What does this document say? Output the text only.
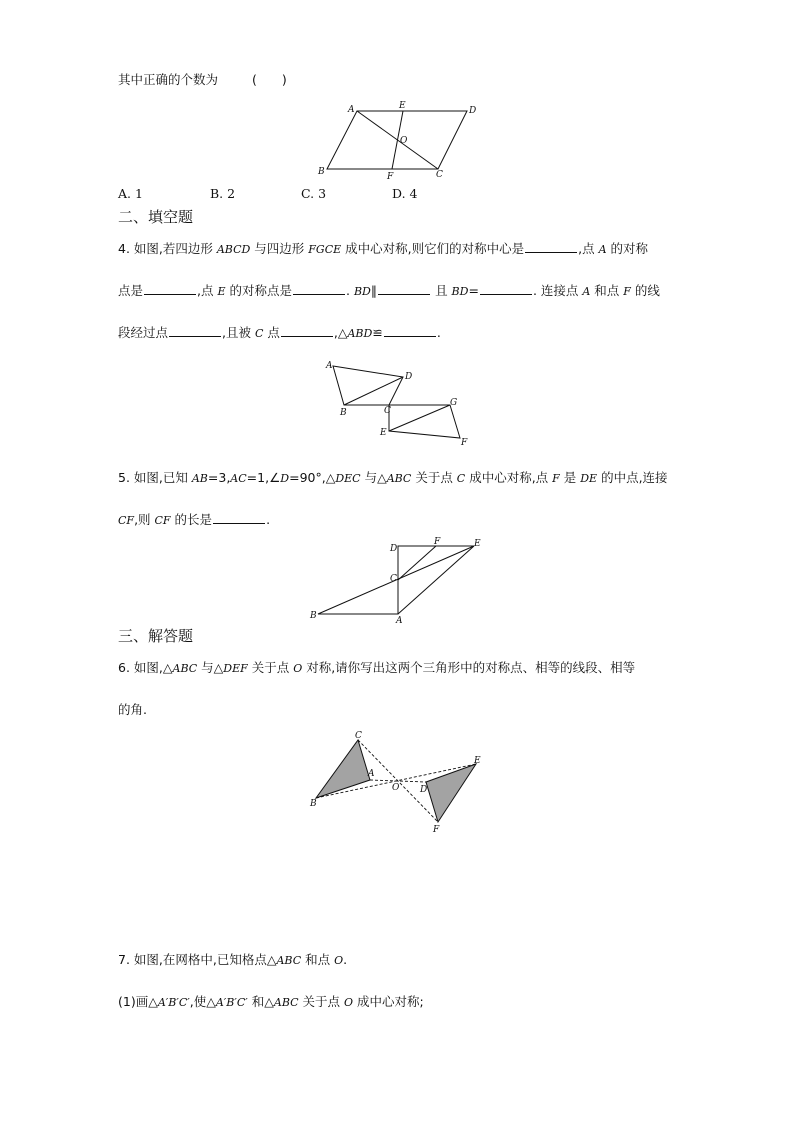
其中正确的个数为	(　　)
A	E	D
O
B	F	C
A. 1	B. 2	C. 3	D. 4
二、填空题
4. 如图,若四边形 ABCD 与四边形 FGCE 成中心对称,则它们的对称中心是	,点 A 的对称
点是	,点 E 的对称点是	. BD∥	且 BD=	. 连接点 A 和点 F 的线
段经过点	,且被 C 点	,△ABD≌	.
A
D
B	C
G
E
F
5. 如图,已知 AB=3,AC=1,∠D=90°,△DEC 与△ABC 关于点 C 成中心对称,点 F 是 DE 的中点,连接
CF,则 CF 的长是	.
D
F	E
C
B	A
三、解答题
6. 如图,△ABC 与△DEF 关于点 O 对称,请你写出这两个三角形中的对称点、相等的线段、相等
的角.
C
A
B
O D
E
F
7. 如图,在网格中,已知格点△ABC 和点 O.
(1)画△A′B′C′,使△A′B′C′ 和△ABC 关于点 O 成中心对称;
